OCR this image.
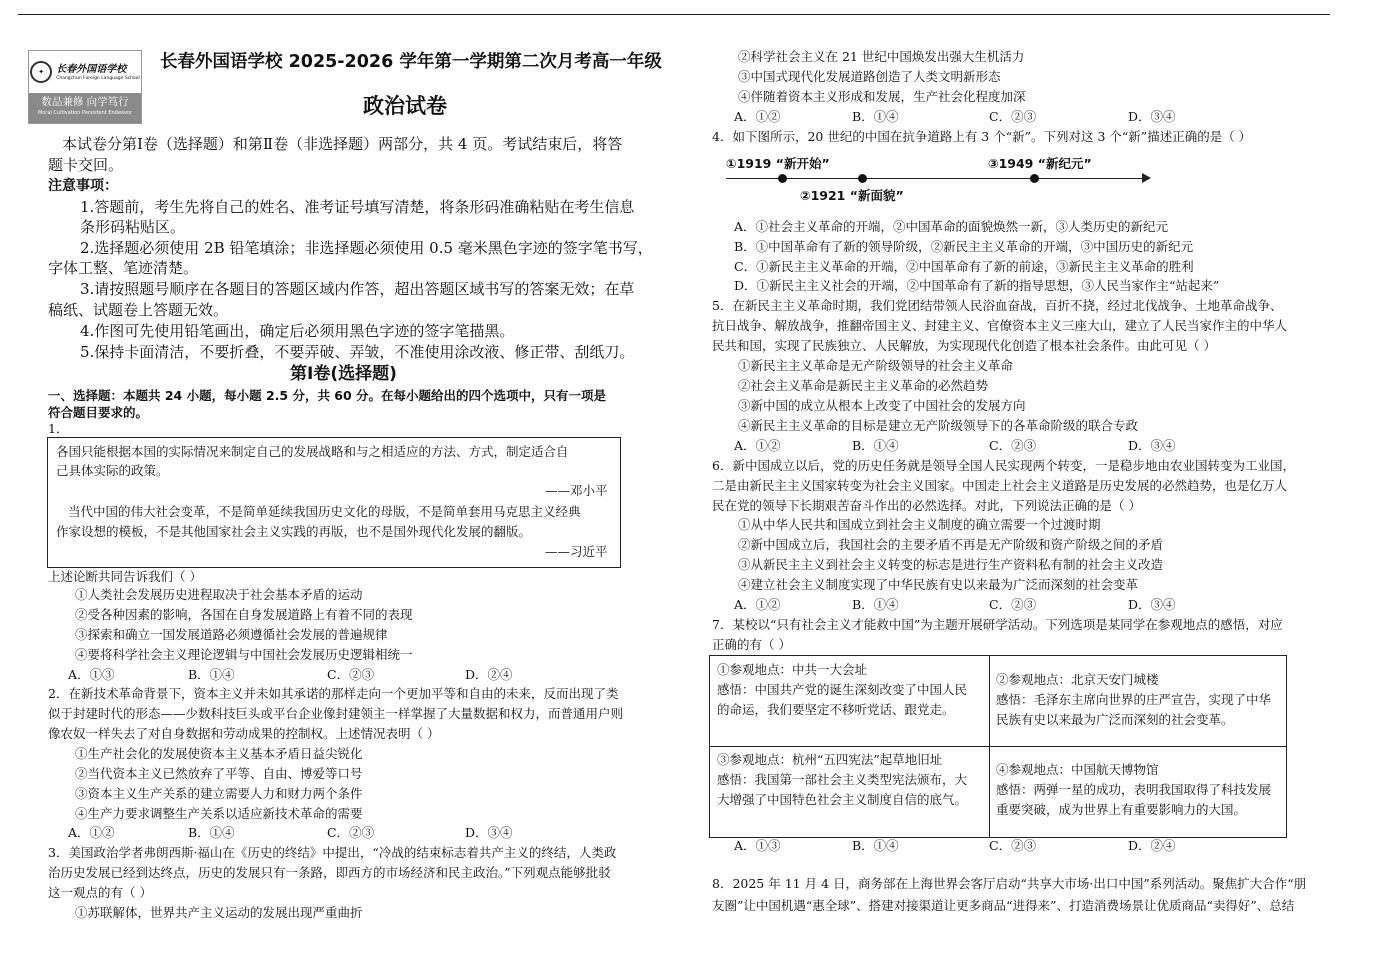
✦	长春外国语学校
Changchun Foreign Language School
数品兼修 向学笃行
Moral Cultivation Persistent Endeavor
长春外国语学校 2025-2026 学年第一学期第二次月考高一年级
政治试卷
本试卷分第Ⅰ卷（选择题）和第Ⅱ卷（非选择题）两部分，共 4 页。考试结束后，将答
题卡交回。
注意事项：
1.答题前，考生先将自己的姓名、准考证号填写清楚，将条形码准确粘贴在考生信息
条形码粘贴区。
2.选择题必须使用 2B 铅笔填涂；非选择题必须使用 0.5 毫米黑色字迹的签字笔书写，
字体工整、笔迹清楚。
3.请按照题号顺序在各题目的答题区域内作答，超出答题区域书写的答案无效；在草
稿纸、试题卷上答题无效。
4.作图可先使用铅笔画出，确定后必须用黑色字迹的签字笔描黑。
5.保持卡面清洁，不要折叠，不要弄破、弄皱，不准使用涂改液、修正带、刮纸刀。
第Ⅰ卷(选择题)
一、选择题：本题共 24 小题，每小题 2.5 分，共 60 分。在每小题给出的四个选项中，只有一项是
符合题目要求的。
1．
各国只能根据本国的实际情况来制定自己的发展战略和与之相适应的方法、方式，制定适合自
己具体实际的政策。
——邓小平
当代中国的伟大社会变革，不是简单延续我国历史文化的母版，不是简单套用马克思主义经典
作家设想的模板，不是其他国家社会主义实践的再版，也不是国外现代化发展的翻版。
——习近平
上述论断共同告诉我们（ ）
①人类社会发展历史进程取决于社会基本矛盾的运动
②受各种因素的影响，各国在自身发展道路上有着不同的表现
③探索和确立一国发展道路必须遵循社会发展的普遍规律
④要将科学社会主义理论逻辑与中国社会发展历史逻辑相统一
A．①③	B．①④	C．②③	D．②④
2．在新技术革命背景下，资本主义并未如其承诺的那样走向一个更加平等和自由的未来，反而出现了类
似于封建时代的形态——少数科技巨头或平台企业像封建领主一样掌握了大量数据和权力，而普通用户则
像农奴一样失去了对自身数据和劳动成果的控制权。上述情况表明（ ）
①生产社会化的发展使资本主义基本矛盾日益尖锐化
②当代资本主义已然放弃了平等、自由、博爱等口号
③资本主义生产关系的建立需要人力和财力两个条件
④生产力要求调整生产关系以适应新技术革命的需要
A．①②	B．①④	C．②③	D．③④
3．美国政治学者弗朗西斯·福山在《历史的终结》中提出，“冷战的结束标志着共产主义的终结，人类政
治历史发展已经到达终点，历史的发展只有一条路，即西方的市场经济和民主政治。”下列观点能够批驳
这一观点的有（ ）
①苏联解体，世界共产主义运动的发展出现严重曲折
②科学社会主义在 21 世纪中国焕发出强大生机活力
③中国式现代化发展道路创造了人类文明新形态
④伴随着资本主义形成和发展，生产社会化程度加深
A．①②	B．①④	C．②③	D．③④
4．如下图所示，20 世纪的中国在抗争道路上有 3 个“新”。下列对这 3 个“新”描述正确的是（ ）
①1919 “新开始”	③1949 “新纪元”
②1921 “新面貌”
A．①社会主义革命的开端，②中国革命的面貌焕然一新，③人类历史的新纪元
B．①中国革命有了新的领导阶级，②新民主主义革命的开端，③中国历史的新纪元
C．①新民主主义革命的开端，②中国革命有了新的前途，③新民主主义革命的胜利
D．①新民主主义社会的开端，②中国革命有了新的指导思想，③人民当家作主“站起来”
5．在新民主主义革命时期，我们党团结带领人民浴血奋战，百折不挠，经过北伐战争、土地革命战争、
抗日战争、解放战争，推翻帝国主义、封建主义、官僚资本主义三座大山，建立了人民当家作主的中华人
民共和国，实现了民族独立、人民解放，为实现现代化创造了根本社会条件。由此可见（ ）
①新民主主义革命是无产阶级领导的社会主义革命
②社会主义革命是新民主主义革命的必然趋势
③新中国的成立从根本上改变了中国社会的发展方向
④新民主主义革命的目标是建立无产阶级领导下的各革命阶级的联合专政
A．①②	B．①④	C．②③	D．③④
6．新中国成立以后，党的历史任务就是领导全国人民实现两个转变，一是稳步地由农业国转变为工业国，
二是由新民主主义国家转变为社会主义国家。中国走上社会主义道路是历史发展的必然趋势，也是亿万人
民在党的领导下长期艰苦奋斗作出的必然选择。对此，下列说法正确的是（ ）
①从中华人民共和国成立到社会主义制度的确立需要一个过渡时期
②新中国成立后，我国社会的主要矛盾不再是无产阶级和资产阶级之间的矛盾
③从新民主主义到社会主义转变的标志是进行生产资料私有制的社会主义改造
④建立社会主义制度实现了中华民族有史以来最为广泛而深刻的社会变革
A．①②	B．①④	C．②③	D．③④
7．某校以“只有社会主义才能救中国”为主题开展研学活动。下列选项是某同学在参观地点的感悟，对应
正确的有（ ）
①参观地点：中共一大会址
感悟：中国共产党的诞生深刻改变了中国人民的命运，我们要坚定不移听党话、跟党走。
②参观地点：北京天安门城楼
感悟：毛泽东主席向世界的庄严宣告，实现了中华民族有史以来最为广泛而深刻的社会变革。
③参观地点：杭州“五四宪法”起草地旧址
感悟：我国第一部社会主义类型宪法颁布，大大增强了中国特色社会主义制度自信的底气。
④参观地点：中国航天博物馆
感悟：两弹一星的成功，表明我国取得了科技发展重要突破，成为世界上有重要影响力的大国。
A．①③	B．①④	C．②③	D．②④
8．2025 年 11 月 4 日，商务部在上海世界会客厅启动“共享大市场·出口中国”系列活动。聚焦扩大合作“朋
友圈”让中国机遇“惠全球”、搭建对接渠道让更多商品“进得来”、打造消费场景让优质商品“卖得好”、总结
